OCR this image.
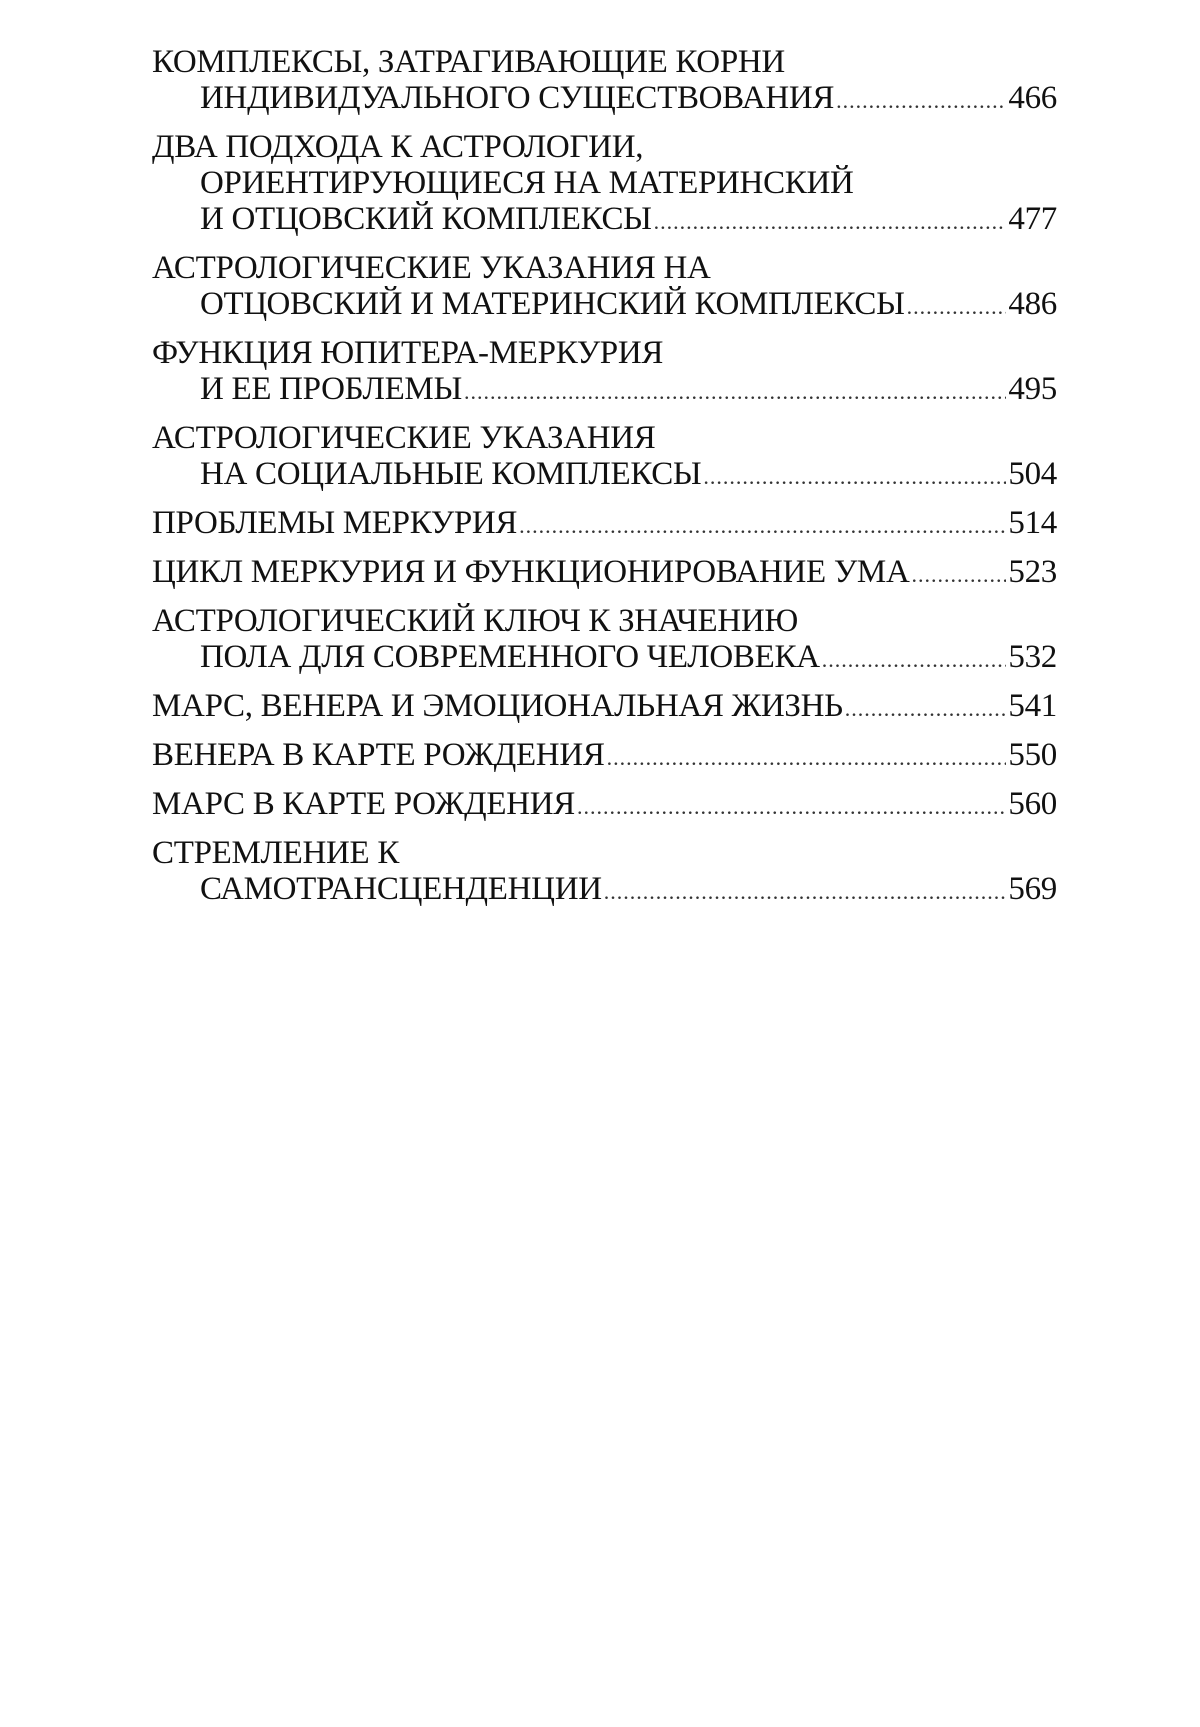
КОМПЛЕКСЫ, ЗАТРАГИВАЮЩИЕ КОРНИ
ИНДИВИДУАЛЬНОГО СУЩЕСТВОВАНИЯ .....	466
ДВА ПОДХОДА К АСТРОЛОГИИ,
ОРИЕНТИРУЮЩИЕСЯ НА МАТЕРИНСКИЙ
И ОТЦОВСКИЙ КОМПЛЕКСЫ .....	477
АСТРОЛОГИЧЕСКИЕ УКАЗАНИЯ НА
ОТЦОВСКИЙ И МАТЕРИНСКИЙ КОМПЛЕКСЫ .....	486
ФУНКЦИЯ ЮПИТЕРА-МЕРКУРИЯ
И ЕЕ ПРОБЛЕМЫ .....	495
АСТРОЛОГИЧЕСКИЕ УКАЗАНИЯ
НА СОЦИАЛЬНЫЕ КОМПЛЕКСЫ .....	504
ПРОБЛЕМЫ МЕРКУРИЯ .....	514
ЦИКЛ МЕРКУРИЯ И ФУНКЦИОНИРОВАНИЕ УМА .....	523
АСТРОЛОГИЧЕСКИЙ КЛЮЧ К ЗНАЧЕНИЮ
ПОЛА ДЛЯ СОВРЕМЕННОГО ЧЕЛОВЕКА .....	532
МАРС, ВЕНЕРА И ЭМОЦИОНАЛЬНАЯ ЖИЗНЬ .....	541
ВЕНЕРА В КАРТЕ РОЖДЕНИЯ .....	550
МАРС В КАРТЕ РОЖДЕНИЯ .....	560
СТРЕМЛЕНИЕ К
САМОТРАНСЦЕНДЕНЦИИ .....	569
